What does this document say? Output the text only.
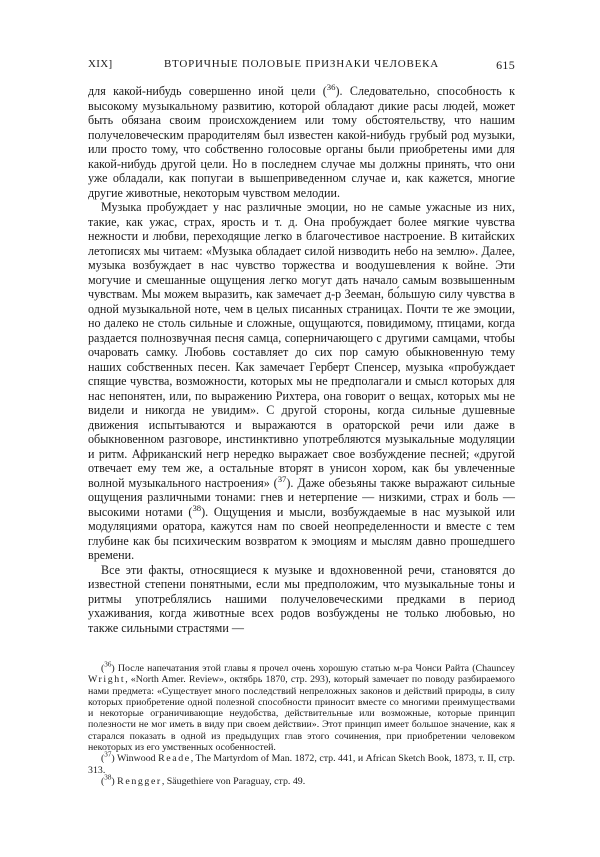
XIX]	ВТОРИЧНЫЕ ПОЛОВЫЕ ПРИЗНАКИ ЧЕЛОВЕКА	615

для какой-нибудь совершенно иной цели ($^{36}$). Следовательно, способность к высокому музыкальному развитию, которой обладают дикие расы людей, может быть обязана своим происхождением или тому обстоятельству, что нашим получеловеческим прародителям был известен какой-нибудь грубый род музыки, или просто тому, что собственно голосовые органы были приобретены ими для какой-нибудь другой цели. Но в последнем случае мы должны принять, что они уже обладали, как попугаи в вышеприведенном случае и, как кажется, многие другие животные, некоторым чувством мелодии.

Музыка пробуждает у нас различные эмоции, но не самые ужасные из них, такие, как ужас, страх, ярость и т. д. Она пробуждает более мягкие чувства нежности и любви, переходящие легко в благочестивое настроение. В китайских летописях мы читаем: «Музыка обладает силой низводить небо на землю». Далее, музыка возбуждает в нас чувство торжества и воодушевления к войне. Эти могучие и смешанные ощущения легко могут дать начало самым возвышенным чувствам. Мы можем выразить, как замечает д-р Зееман, бо́льшую силу чувства в одной музыкальной ноте, чем в целых писанных страницах. Почти те же эмоции, но далеко не столь сильные и сложные, ощущаются, повидимому, птицами, когда раздается полнозвучная песня самца, соперничающего с другими самцами, чтобы очаровать самку. Любовь составляет до сих пор самую обыкновенную тему наших собственных песен. Как замечает Герберт Спенсер, музыка «пробуждает спящие чувства, возможности, которых мы не предполагали и смысл которых для нас непонятен, или, по выражению Рихтера, она говорит о вещах, которых мы не видели и никогда не увидим». С другой стороны, когда сильные душевные движения испытываются и выражаются в ораторской речи или даже в обыкновенном разговоре, инстинктивно употребляются музыкальные модуляции и ритм. Африканский негр нередко выражает свое возбуждение песней; «другой отвечает ему тем же, а остальные вторят в унисон хором, как бы увлеченные волной музыкального настроения» ($^{37}$). Даже обезьяны также выражают сильные ощущения различными тонами: гнев и нетерпение — низкими, страх и боль — высокими нотами ($^{38}$). Ощущения и мысли, возбуждаемые в нас музыкой или модуляциями оратора, кажутся нам по своей неопределенности и вместе с тем глубине как бы психическим возвратом к эмоциям и мыслям давно прошедшего времени.

Все эти факты, относящиеся к музыке и вдохновенной речи, становятся до известной степени понятными, если мы предположим, что музыкальные тоны и ритмы употреблялись нашими получеловеческими предками в период ухаживания, когда животные всех родов возбуждены не только любовью, но также сильными страстями —

($^{36}$) После напечатания этой главы я прочел очень хорошую статью м-ра Чонси Райта (Chauncey Wright, «North Amer. Review», октябрь 1870, стр. 293), который замечает по поводу разбираемого нами предмета: «Существует много последствий непреложных законов и действий природы, в силу которых приобретение одной полезной способности приносит вместе со многими преимуществами и некоторые ограничивающие неудобства, действительные или возможные, которые принцип полезности не мог иметь в виду при своем действии». Этот принцип имеет большое значение, как я старался показать в одной из предыдущих глав этого сочинения, при приобретении человеком некоторых из его умственных особенностей.

($^{37}$) Winwood Reade, The Martyrdom of Man. 1872, стр. 441, и African Sketch Book, 1873, т. II, стр. 313.

($^{38}$) Rengger, Säugethiere von Paraguay, стр. 49.
